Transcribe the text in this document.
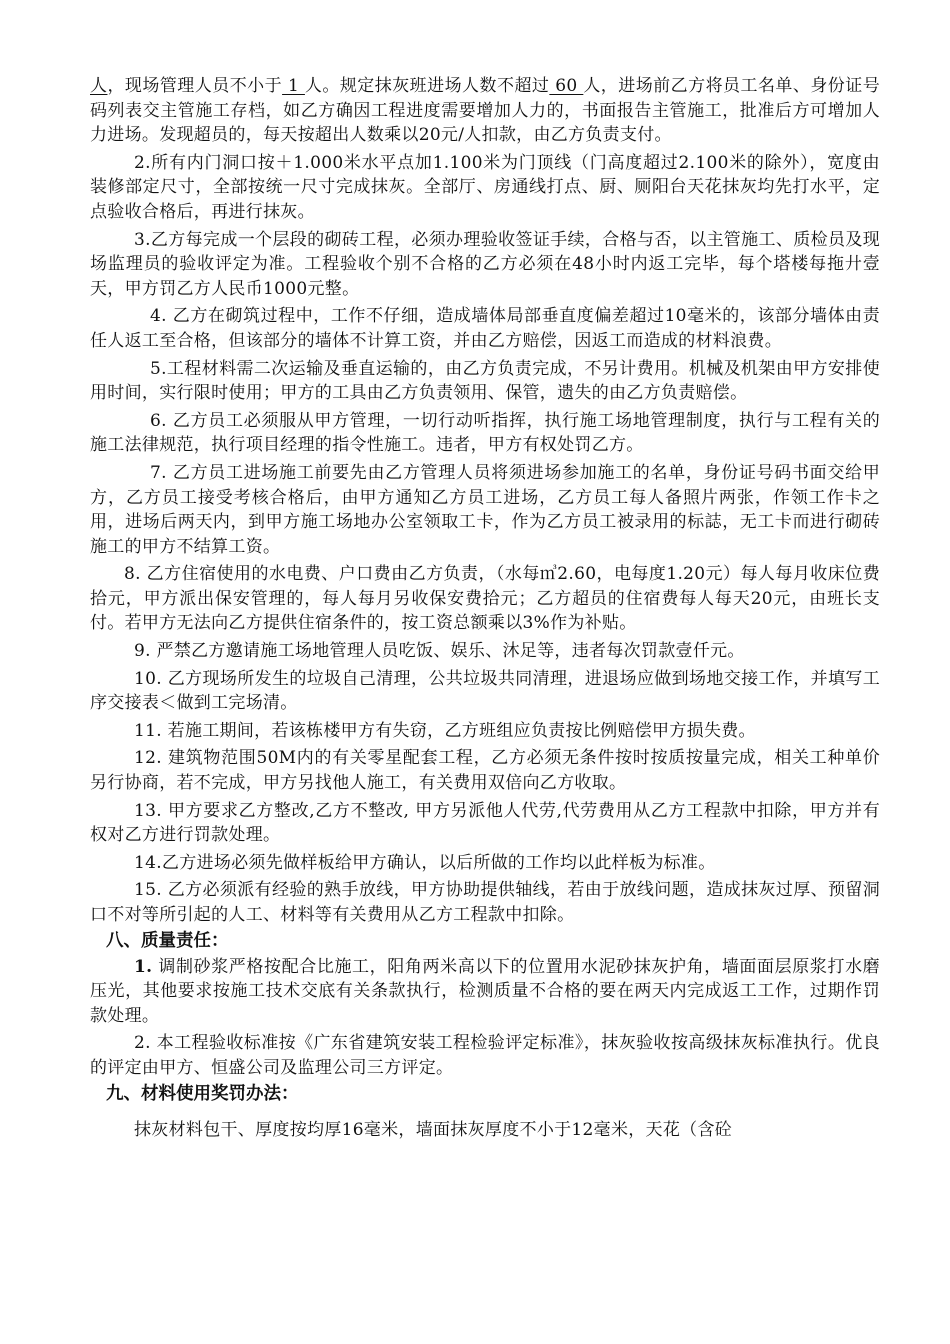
人，现场管理人员不小于 1 人。规定抹灰班进场人数不超过 60 人，进场前乙方将员工名单、身份证号码列表交主管施工存档，如乙方确因工程进度需要增加人力的，书面报告主管施工，批准后方可增加人力进场。发现超员的，每天按超出人数乘以20元/人扣款，由乙方负责支付。

2.所有内门洞口按＋1.000米水平点加1.100米为门顶线（门高度超过2.100米的除外），宽度由装修部定尺寸，全部按统一尺寸完成抹灰。全部厅、房通线打点、厨、厕阳台天花抹灰均先打水平，定点验收合格后，再进行抹灰。

3.乙方每完成一个层段的砌砖工程，必须办理验收签证手续，合格与否，以主管施工、质检员及现场监理员的验收评定为准。工程验收个别不合格的乙方必须在48小时内返工完毕，每个塔楼每拖廾壹天，甲方罚乙方人民币1000元整。

4. 乙方在砌筑过程中，工作不仔细，造成墙体局部垂直度偏差超过10毫米的，该部分墙体由责任人返工至合格，但该部分的墙体不计算工资，并由乙方赔偿，因返工而造成的材料浪费。

5.工程材料需二次运输及垂直运输的，由乙方负责完成，不另计费用。机械及机架由甲方安排使用时间，实行限时使用；甲方的工具由乙方负责领用、保管，遗失的由乙方负责赔偿。

6. 乙方员工必须服从甲方管理，一切行动听指挥，执行施工场地管理制度，执行与工程有关的施工法律规范，执行项目经理的指令性施工。违者，甲方有权处罚乙方。

7. 乙方员工进场施工前要先由乙方管理人员将须进场参加施工的名单，身份证号码书面交给甲方，乙方员工接受考核合格后，由甲方通知乙方员工进场，乙方员工每人备照片两张，作领工作卡之用，进场后两天内，到甲方施工场地办公室领取工卡，作为乙方员工被录用的标誌，无工卡而进行砌砖施工的甲方不结算工资。

8. 乙方住宿使用的水电费、户口费由乙方负责，（水每㎥2.60，电每度1.20元）每人每月收床位费拾元，甲方派出保安管理的，每人每月另收保安费拾元；乙方超员的住宿费每人每天20元，由班长支付。若甲方无法向乙方提供住宿条件的，按工资总额乘以3%作为补贴。

9. 严禁乙方邀请施工场地管理人员吃饭、娱乐、沐足等，违者每次罚款壹仟元。

10. 乙方现场所发生的垃圾自己清理，公共垃圾共同清理，进退场应做到场地交接工作，并填写工序交接表＜做到工完场清。

11. 若施工期间，若该栋楼甲方有失窃，乙方班组应负责按比例赔偿甲方损失费。

12. 建筑物范围50M内的有关零星配套工程，乙方必须无条件按时按质按量完成，相关工种单价另行协商，若不完成，甲方另找他人施工，有关费用双倍向乙方收取。

13. 甲方要求乙方整改,乙方不整改, 甲方另派他人代劳,代劳费用从乙方工程款中扣除，甲方并有权对乙方进行罚款处理。

14.乙方进场必须先做样板给甲方确认，以后所做的工作均以此样板为标准。

15. 乙方必须派有经验的熟手放线，甲方协助提供轴线，若由于放线问题，造成抹灰过厚、预留洞口不对等所引起的人工、材料等有关费用从乙方工程款中扣除。

八、质量责任：

1. 调制砂浆严格按配合比施工，阳角两米高以下的位置用水泥砂抹灰护角，墙面面层原浆打水磨压光，其他要求按施工技术交底有关条款执行，检测质量不合格的要在两天内完成返工工作，过期作罚款处理。

2. 本工程验收标准按《广东省建筑安装工程检验评定标准》，抹灰验收按高级抹灰标准执行。优良的评定由甲方、恒盛公司及监理公司三方评定。

九、材料使用奖罚办法：

抹灰材料包干、厚度按均厚16毫米，墙面抹灰厚度不小于12毫米，天花（含砼
